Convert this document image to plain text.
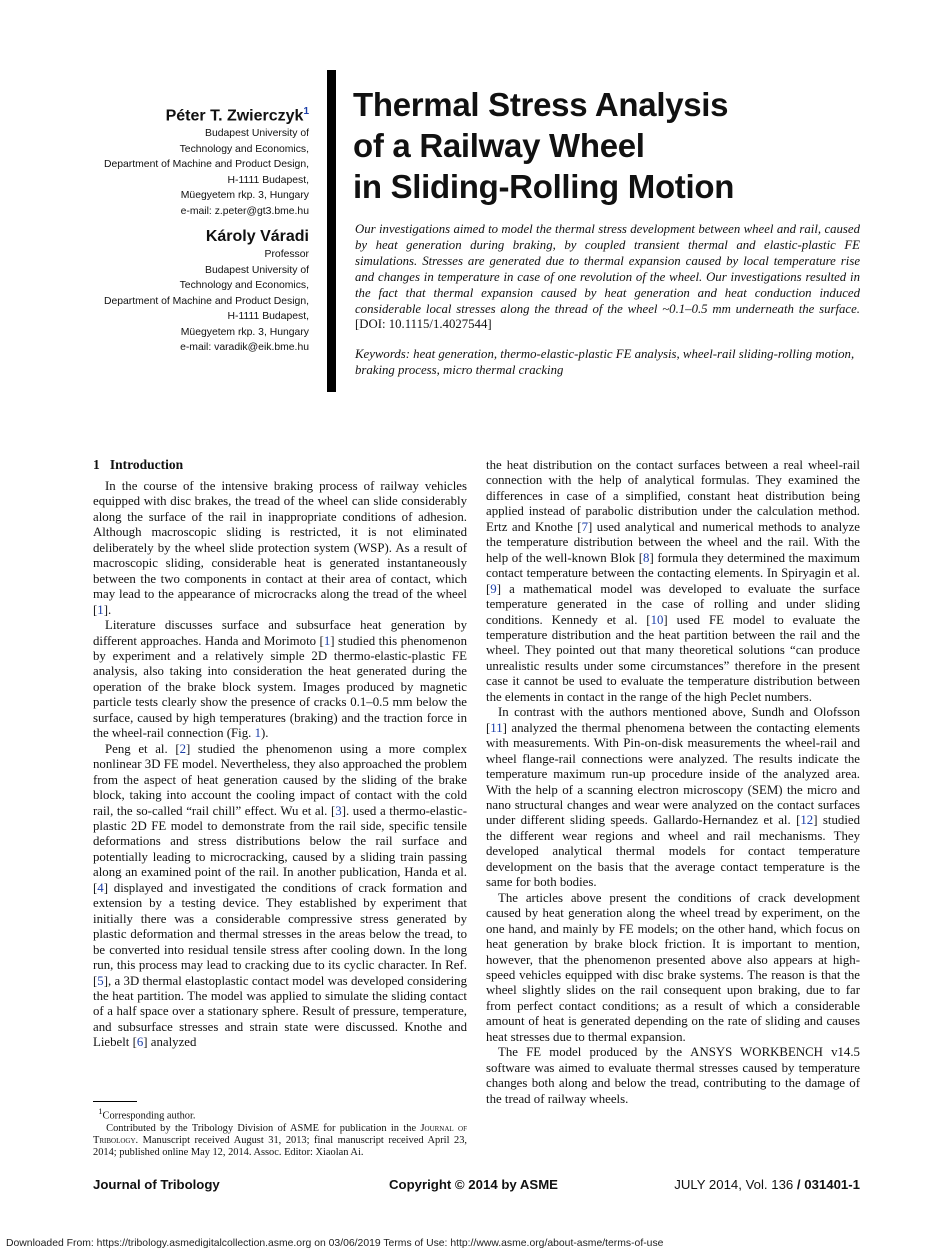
Péter T. Zwierczyk$^1$
Budapest University of
Technology and Economics,
Department of Machine and Product Design,
H-1111 Budapest,
Müegyetem rkp. 3, Hungary
e-mail: z.peter@gt3.bme.hu
Károly Váradi
Professor
Budapest University of
Technology and Economics,
Department of Machine and Product Design,
H-1111 Budapest,
Müegyetem rkp. 3, Hungary
e-mail: varadik@eik.bme.hu
Thermal Stress Analysis
of a Railway Wheel
in Sliding-Rolling Motion
Our investigations aimed to model the thermal stress development between wheel and rail, caused by heat generation during braking, by coupled transient thermal and elastic-plastic FE simulations. Stresses are generated due to thermal expansion caused by local temperature rise and changes in temperature in case of one revolution of the wheel. Our investigations resulted in the fact that thermal expansion caused by heat generation and heat conduction induced considerable local stresses along the thread of the wheel ~0.1–0.5 mm underneath the surface. [DOI: 10.1115/1.4027544]
Keywords: heat generation, thermo-elastic-plastic FE analysis, wheel-rail sliding-rolling motion, braking process, micro thermal cracking
1 Introduction

In the course of the intensive braking process of railway vehicles equipped with disc brakes, the tread of the wheel can slide considerably along the surface of the rail in inappropriate conditions of adhesion. Although macroscopic sliding is restricted, it is not eliminated deliberately by the wheel slide protection system (WSP). As a result of macroscopic sliding, considerable heat is generated instantaneously between the two components in contact at their area of contact, which may lead to the appearance of microcracks along the tread of the wheel [1].

Literature discusses surface and subsurface heat generation by different approaches. Handa and Morimoto [1] studied this phenomenon by experiment and a relatively simple 2D thermo-elastic-plastic FE analysis, also taking into consideration the heat generated during the operation of the brake block system. Images produced by magnetic particle tests clearly show the presence of cracks 0.1–0.5 mm below the surface, caused by high temperatures (braking) and the traction force in the wheel-rail connection (Fig. 1).

Peng et al. [2] studied the phenomenon using a more complex nonlinear 3D FE model. Nevertheless, they also approached the problem from the aspect of heat generation caused by the sliding of the brake block, taking into account the cooling impact of contact with the cold rail, the so-called “rail chill” effect. Wu et al. [3]. used a thermo-elastic-plastic 2D FE model to demonstrate from the rail side, specific tensile deformations and stress distributions below the rail surface and potentially leading to microcracking, caused by a sliding train passing along an examined point of the rail. In another publication, Handa et al. [4] displayed and investigated the conditions of crack formation and extension by a testing device. They established by experiment that initially there was a considerable compressive stress generated by plastic deformation and thermal stresses in the areas below the tread, to be converted into residual tensile stress after cooling down. In the long run, this process may lead to cracking due to its cyclic character. In Ref. [5], a 3D thermal elastoplastic contact model was developed considering the heat partition. The model was applied to simulate the sliding contact of a half space over a stationary sphere. Result of pressure, temperature, and subsurface stresses and strain state were discussed. Knothe and Liebelt [6] analyzed

the heat distribution on the contact surfaces between a real wheel-rail connection with the help of analytical formulas. They examined the differences in case of a simplified, constant heat distribution being applied instead of parabolic distribution under the calculation method. Ertz and Knothe [7] used analytical and numerical methods to analyze the temperature distribution between the wheel and the rail. With the help of the well-known Blok [8] formula they determined the maximum contact temperature between the contacting elements. In Spiryagin et al. [9] a mathematical model was developed to evaluate the surface temperature generated in the case of rolling and under sliding conditions. Kennedy et al. [10] used FE model to evaluate the temperature distribution and the heat partition between the rail and the wheel. They pointed out that many theoretical solutions “can produce unrealistic results under some circumstances” therefore in the present case it cannot be used to evaluate the temperature distribution between the elements in contact in the range of the high Peclet numbers.

In contrast with the authors mentioned above, Sundh and Olofsson [11] analyzed the thermal phenomena between the contacting elements with measurements. With Pin-on-disk measurements the wheel-rail and wheel flange-rail connections were analyzed. The results indicate the temperature maximum run-up procedure inside of the analyzed area. With the help of a scanning electron microscopy (SEM) the micro and nano structural changes and wear were analyzed on the contact surfaces under different sliding speeds. Gallardo-Hernandez et al. [12] studied the different wear regions and wheel and rail mechanisms. They developed analytical thermal models for contact temperature development on the basis that the average contact temperature is the same for both bodies.

The articles above present the conditions of crack development caused by heat generation along the wheel tread by experiment, on the one hand, and mainly by FE models; on the other hand, which focus on heat generation by brake block friction. It is important to mention, however, that the phenomenon presented above also appears at high-speed vehicles equipped with disc brake systems. The reason is that the wheel slightly slides on the rail consequent upon braking, due to far from perfect contact conditions; as a result of which a considerable amount of heat is generated depending on the rate of sliding and causes heat stresses due to thermal expansion.

The FE model produced by the ANSYS WORKBENCH v14.5 software was aimed to evaluate thermal stresses caused by temperature changes both along and below the tread, contributing to the damage of the tread of railway wheels.

$^1$Corresponding author.

Contributed by the Tribology Division of ASME for publication in the Journal of Tribology. Manuscript received August 31, 2013; final manuscript received April 23, 2014; published online May 12, 2014. Assoc. Editor: Xiaolan Ai.

Journal of Tribology	Copyright © 2014 by ASME	JULY 2014, Vol. 136 / 031401-1
Downloaded From: https://tribology.asmedigitalcollection.asme.org on 03/06/2019 Terms of Use: http://www.asme.org/about-asme/terms-of-use
